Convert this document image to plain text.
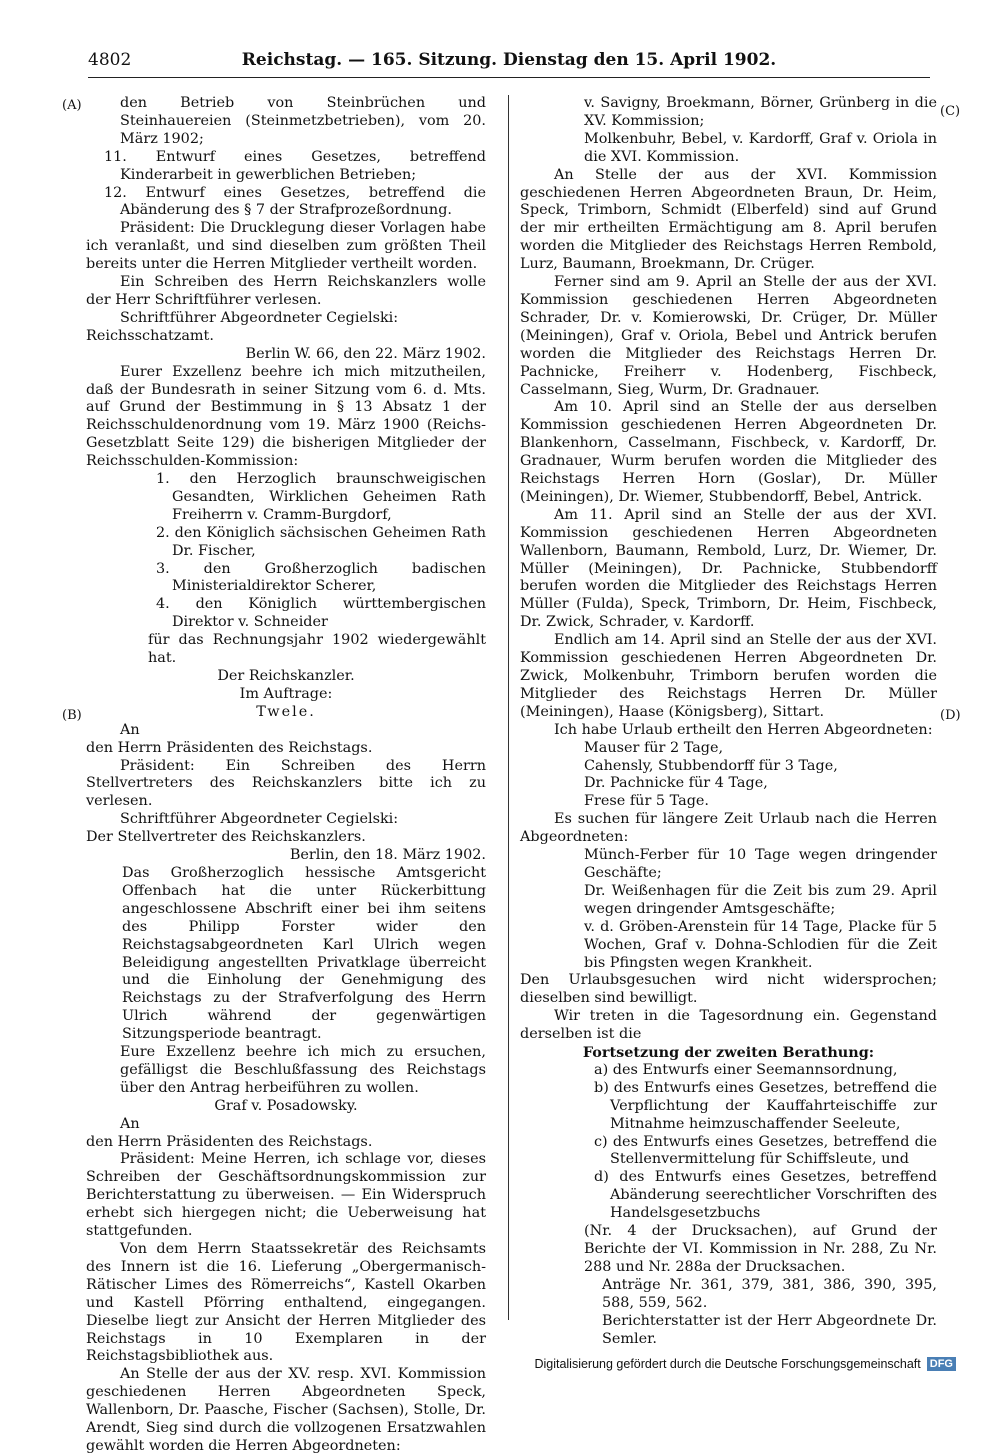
4802	Reichstag. — 165. Sitzung. Dienstag den 15. April 1902.
(A)
(B)
(C)
(D)

den Betrieb von Steinbrüchen und Steinhauereien (Steinmetzbetrieben), vom 20. März 1902;

11. Entwurf eines Gesetzes, betreffend Kinderarbeit in gewerblichen Betrieben;

12. Entwurf eines Gesetzes, betreffend die Abänderung des § 7 der Strafprozeßordnung.

Präsident: Die Drucklegung dieser Vorlagen habe ich veranlaßt, und sind dieselben zum größten Theil bereits unter die Herren Mitglieder vertheilt worden.

Ein Schreiben des Herrn Reichskanzlers wolle der Herr Schriftführer verlesen.

Schriftführer Abgeordneter Cegielski:

Reichsschatzamt.

Berlin W. 66, den 22. März 1902.

Eurer Exzellenz beehre ich mich mitzutheilen, daß der Bundesrath in seiner Sitzung vom 6. d. Mts. auf Grund der Bestimmung in § 13 Absatz 1 der Reichsschuldenordnung vom 19. März 1900 (Reichs-Gesetzblatt Seite 129) die bisherigen Mitglieder der Reichsschulden-Kommission:

1. den Herzoglich braunschweigischen Gesandten, Wirklichen Geheimen Rath Freiherrn v. Cramm-Burgdorf,

2. den Königlich sächsischen Geheimen Rath Dr. Fischer,

3. den Großherzoglich badischen Ministerialdirektor Scherer,

4. den Königlich württembergischen Direktor v. Schneider

für das Rechnungsjahr 1902 wiedergewählt hat.

Der Reichskanzler.

Im Auftrage:

Twele.

An

den Herrn Präsidenten des Reichstags.

Präsident: Ein Schreiben des Herrn Stellvertreters des Reichskanzlers bitte ich zu verlesen.

Schriftführer Abgeordneter Cegielski:

Der Stellvertreter des Reichskanzlers.

Berlin, den 18. März 1902.

Das Großherzoglich hessische Amtsgericht Offenbach hat die unter Rückerbittung angeschlossene Abschrift einer bei ihm seitens des Philipp Forster wider den Reichstagsabgeordneten Karl Ulrich wegen Beleidigung angestellten Privatklage überreicht und die Einholung der Genehmigung des Reichstags zu der Strafverfolgung des Herrn Ulrich während der gegenwärtigen Sitzungsperiode beantragt.

Eure Exzellenz beehre ich mich zu ersuchen, gefälligst die Beschlußfassung des Reichstags über den Antrag herbeiführen zu wollen.

Graf v. Posadowsky.

An

den Herrn Präsidenten des Reichstags.

Präsident: Meine Herren, ich schlage vor, dieses Schreiben der Geschäftsordnungskommission zur Berichterstattung zu überweisen. — Ein Widerspruch erhebt sich hiergegen nicht; die Ueberweisung hat stattgefunden.

Von dem Herrn Staatssekretär des Reichsamts des Innern ist die 16. Lieferung „Obergermanisch-Rätischer Limes des Römerreichs“, Kastell Okarben und Kastell Pförring enthaltend, eingegangen. Dieselbe liegt zur Ansicht der Herren Mitglieder des Reichstags in 10 Exemplaren in der Reichstagsbibliothek aus.

An Stelle der aus der XV. resp. XVI. Kommission geschiedenen Herren Abgeordneten Speck, Wallenborn, Dr. Paasche, Fischer (Sachsen), Stolle, Dr. Arendt, Sieg sind durch die vollzogenen Ersatzwahlen gewählt worden die Herren Abgeordneten:

v. Savigny, Broekmann, Börner, Grünberg in die XV. Kommission;

Molkenbuhr, Bebel, v. Kardorff, Graf v. Oriola in die XVI. Kommission.

An Stelle der aus der XVI. Kommission geschiedenen Herren Abgeordneten Braun, Dr. Heim, Speck, Trimborn, Schmidt (Elberfeld) sind auf Grund der mir ertheilten Ermächtigung am 8. April berufen worden die Mitglieder des Reichstags Herren Rembold, Lurz, Baumann, Broekmann, Dr. Crüger.

Ferner sind am 9. April an Stelle der aus der XVI. Kommission geschiedenen Herren Abgeordneten Schrader, Dr. v. Komierowski, Dr. Crüger, Dr. Müller (Meiningen), Graf v. Oriola, Bebel und Antrick berufen worden die Mitglieder des Reichstags Herren Dr. Pachnicke, Freiherr v. Hodenberg, Fischbeck, Casselmann, Sieg, Wurm, Dr. Gradnauer.

Am 10. April sind an Stelle der aus derselben Kommission geschiedenen Herren Abgeordneten Dr. Blankenhorn, Casselmann, Fischbeck, v. Kardorff, Dr. Gradnauer, Wurm berufen worden die Mitglieder des Reichstags Herren Horn (Goslar), Dr. Müller (Meiningen), Dr. Wiemer, Stubbendorff, Bebel, Antrick.

Am 11. April sind an Stelle der aus der XVI. Kommission geschiedenen Herren Abgeordneten Wallenborn, Baumann, Rembold, Lurz, Dr. Wiemer, Dr. Müller (Meiningen), Dr. Pachnicke, Stubbendorff berufen worden die Mitglieder des Reichstags Herren Müller (Fulda), Speck, Trimborn, Dr. Heim, Fischbeck, Dr. Zwick, Schrader, v. Kardorff.

Endlich am 14. April sind an Stelle der aus der XVI. Kommission geschiedenen Herren Abgeordneten Dr. Zwick, Molkenbuhr, Trimborn berufen worden die Mitglieder des Reichstags Herren Dr. Müller (Meiningen), Haase (Königsberg), Sittart.

Ich habe Urlaub ertheilt den Herren Abgeordneten:

Mauser für 2 Tage,

Cahensly, Stubbendorff für 3 Tage,

Dr. Pachnicke für 4 Tage,

Frese für 5 Tage.

Es suchen für längere Zeit Urlaub nach die Herren Abgeordneten:

Münch-Ferber für 10 Tage wegen dringender Geschäfte;

Dr. Weißenhagen für die Zeit bis zum 29. April wegen dringender Amtsgeschäfte;

v. d. Gröben-Arenstein für 14 Tage, Placke für 5 Wochen, Graf v. Dohna-Schlodien für die Zeit bis Pfingsten wegen Krankheit.

Den Urlaubsgesuchen wird nicht widersprochen; dieselben sind bewilligt.

Wir treten in die Tagesordnung ein. Gegenstand derselben ist die

Fortsetzung der zweiten Berathung:

a) des Entwurfs einer Seemannsordnung,

b) des Entwurfs eines Gesetzes, betreffend die Verpflichtung der Kauffahrteischiffe zur Mitnahme heimzuschaffender Seeleute,

c) des Entwurfs eines Gesetzes, betreffend die Stellenvermittelung für Schiffsleute, und

d) des Entwurfs eines Gesetzes, betreffend Abänderung seerechtlicher Vorschriften des Handelsgesetzbuchs

(Nr. 4 der Drucksachen), auf Grund der Berichte der VI. Kommission in Nr. 288, Zu Nr. 288 und Nr. 288a der Drucksachen.

Anträge Nr. 361, 379, 381, 386, 390, 395, 588, 559, 562.

Berichterstatter ist der Herr Abgeordnete Dr. Semler.

Digitalisierung gefördert durch die Deutsche Forschungsgemeinschaft DFG
